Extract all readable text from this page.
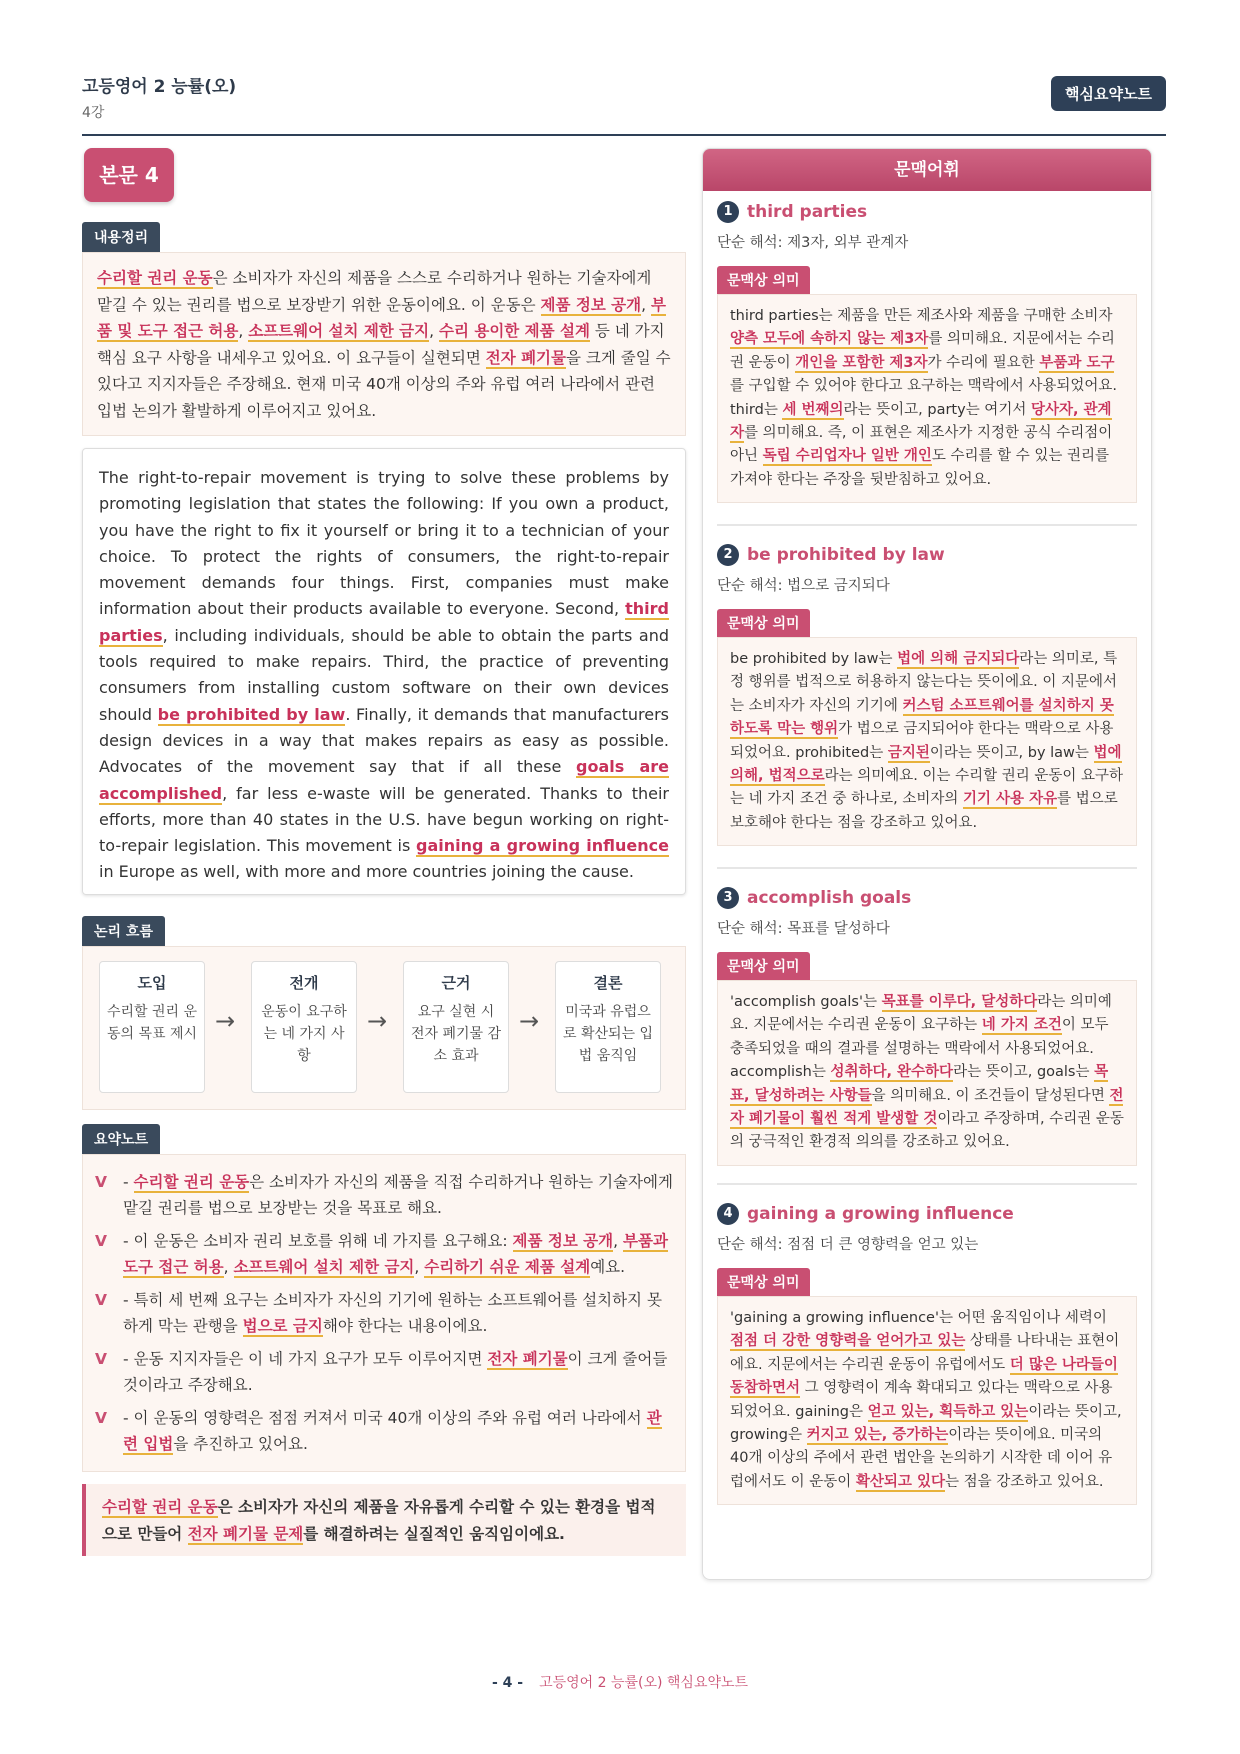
고등영어 2 능률(오)
4강
핵심요약노트
본문 4
내용정리
수리할 권리 운동은 소비자가 자신의 제품을 스스로 수리하거나 원하는 기술자에게 맡길 수 있는 권리를 법으로 보장받기 위한 운동이에요. 이 운동은 제품 정보 공개, 부품 및 도구 접근 허용, 소프트웨어 설치 제한 금지, 수리 용이한 제품 설계 등 네 가지 핵심 요구 사항을 내세우고 있어요. 이 요구들이 실현되면 전자 폐기물을 크게 줄일 수 있다고 지지자들은 주장해요. 현재 미국 40개 이상의 주와 유럽 여러 나라에서 관련 입법 논의가 활발하게 이루어지고 있어요.
The right-to-repair movement is trying to solve these problems by promoting legislation that states the following: If you own a product, you have the right to fix it yourself or bring it to a technician of your choice. To protect the rights of consumers, the right-to-repair movement demands four things. First, companies must make information about their products available to everyone. Second, third parties, including individuals, should be able to obtain the parts and tools required to make repairs. Third, the practice of preventing consumers from installing custom software on their own devices should be prohibited by law. Finally, it demands that manufacturers design devices in a way that makes repairs as easy as possible. Advocates of the movement say that if all these goals are accomplished, far less e-waste will be generated. Thanks to their efforts, more than 40 states in the U.S. have begun working on right-to-repair legislation. This movement is gaining a growing influence in Europe as well, with more and more countries joining the cause.
논리 흐름
도입
수리할 권리 운동의 목표 제시 →
전개
운동이 요구하는 네 가지 사항
→
근거
요구 실현 시 전자 폐기물 감소 효과
→
결론
미국과 유럽으로 확산되는 입법 움직임
요약노트
V - 수리할 권리 운동은 소비자가 자신의 제품을 직접 수리하거나 원하는 기술자에게 맡길 권리를 법으로 보장받는 것을 목표로 해요.
V - 이 운동은 소비자 권리 보호를 위해 네 가지를 요구해요: 제품 정보 공개, 부품과 도구 접근 허용, 소프트웨어 설치 제한 금지, 수리하기 쉬운 제품 설계예요.
V - 특히 세 번째 요구는 소비자가 자신의 기기에 원하는 소프트웨어를 설치하지 못하게 막는 관행을 법으로 금지해야 한다는 내용이에요.
V - 운동 지지자들은 이 네 가지 요구가 모두 이루어지면 전자 폐기물이 크게 줄어들 것이라고 주장해요.
V - 이 운동의 영향력은 점점 커져서 미국 40개 이상의 주와 유럽 여러 나라에서 관련 입법을 추진하고 있어요.
수리할 권리 운동은 소비자가 자신의 제품을 자유롭게 수리할 수 있는 환경을 법적으로 만들어 전자 폐기물 문제를 해결하려는 실질적인 움직임이에요.
문맥어휘
1 third parties
단순 해석: 제3자, 외부 관계자
문맥상 의미
third parties는 제품을 만든 제조사와 제품을 구매한 소비자 양측 모두에 속하지 않는 제3자를 의미해요. 지문에서는 수리권 운동이 개인을 포함한 제3자가 수리에 필요한 부품과 도구를 구입할 수 있어야 한다고 요구하는 맥락에서 사용되었어요. third는 세 번째의라는 뜻이고, party는 여기서 당사자, 관계자를 의미해요. 즉, 이 표현은 제조사가 지정한 공식 수리점이 아닌 독립 수리업자나 일반 개인도 수리를 할 수 있는 권리를 가져야 한다는 주장을 뒷받침하고 있어요.
2 be prohibited by law
단순 해석: 법으로 금지되다
문맥상 의미
be prohibited by law는 법에 의해 금지되다라는 의미로, 특정 행위를 법적으로 허용하지 않는다는 뜻이에요. 이 지문에서는 소비자가 자신의 기기에 커스텀 소프트웨어를 설치하지 못하도록 막는 행위가 법으로 금지되어야 한다는 맥락으로 사용되었어요. prohibited는 금지된이라는 뜻이고, by law는 법에 의해, 법적으로라는 의미예요. 이는 수리할 권리 운동이 요구하는 네 가지 조건 중 하나로, 소비자의 기기 사용 자유를 법으로 보호해야 한다는 점을 강조하고 있어요.
3 accomplish goals
단순 해석: 목표를 달성하다
문맥상 의미
'accomplish goals'는 목표를 이루다, 달성하다라는 의미예요. 지문에서는 수리권 운동이 요구하는 네 가지 조건이 모두 충족되었을 때의 결과를 설명하는 맥락에서 사용되었어요. accomplish는 성취하다, 완수하다라는 뜻이고, goals는 목표, 달성하려는 사항들을 의미해요. 이 조건들이 달성된다면 전자 폐기물이 훨씬 적게 발생할 것이라고 주장하며, 수리권 운동의 궁극적인 환경적 의의를 강조하고 있어요.
4 gaining a growing influence
단순 해석: 점점 더 큰 영향력을 얻고 있는
문맥상 의미
'gaining a growing influence'는 어떤 움직임이나 세력이 점점 더 강한 영향력을 얻어가고 있는 상태를 나타내는 표현이에요. 지문에서는 수리권 운동이 유럽에서도 더 많은 나라들이 동참하면서 그 영향력이 계속 확대되고 있다는 맥락으로 사용되었어요. gaining은 얻고 있는, 획득하고 있는이라는 뜻이고, growing은 커지고 있는, 증가하는이라는 뜻이에요. 미국의 40개 이상의 주에서 관련 법안을 논의하기 시작한 데 이어 유럽에서도 이 운동이 확산되고 있다는 점을 강조하고 있어요.
- 4 - 고등영어 2 능률(오) 핵심요약노트
